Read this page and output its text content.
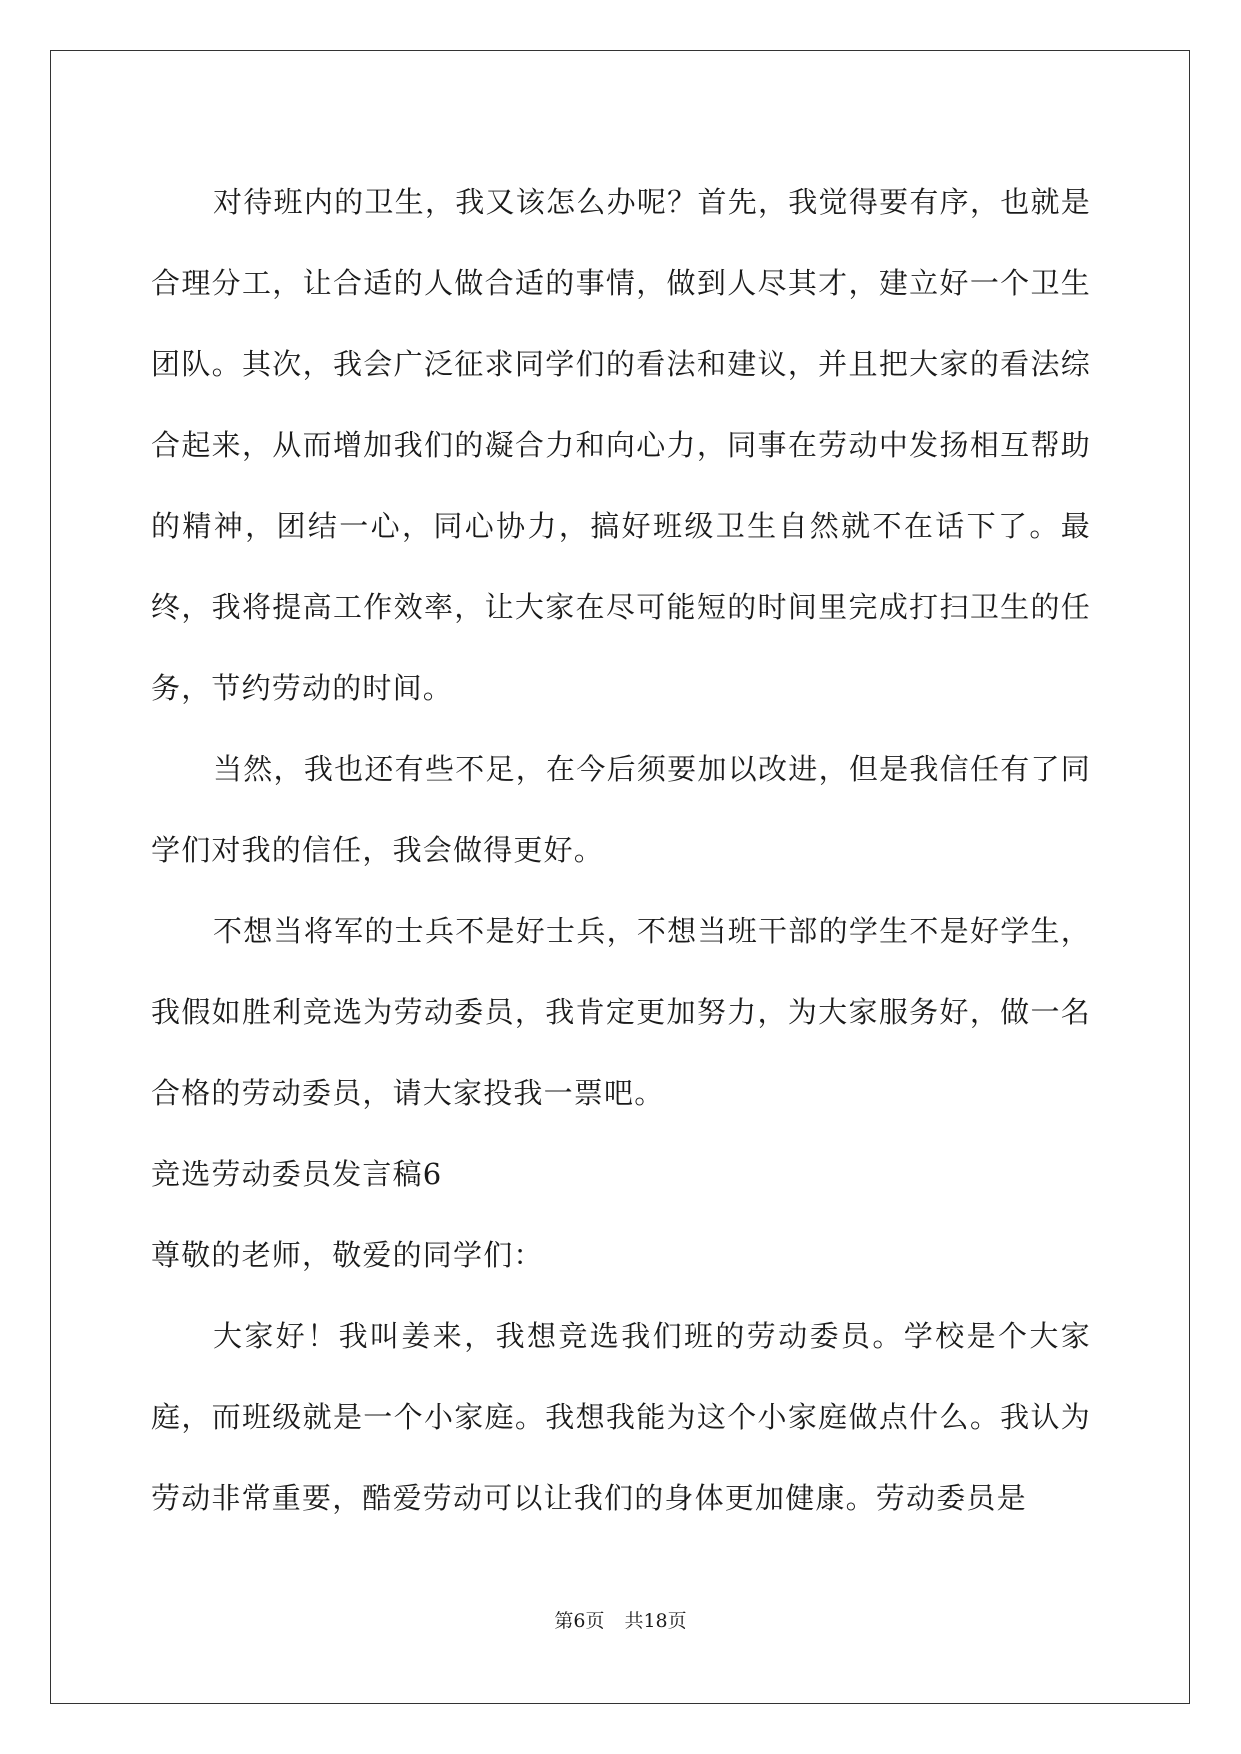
对待班内的卫生，我又该怎么办呢？首先，我觉得要有序，也就是合理分工，让合适的人做合适的事情，做到人尽其才，建立好一个卫生团队。其次，我会广泛征求同学们的看法和建议，并且把大家的看法综合起来，从而增加我们的凝合力和向心力，同事在劳动中发扬相互帮助的精神，团结一心，同心协力，搞好班级卫生自然就不在话下了。最终，我将提高工作效率，让大家在尽可能短的时间里完成打扫卫生的任务，节约劳动的时间。

当然，我也还有些不足，在今后须要加以改进，但是我信任有了同学们对我的信任，我会做得更好。

不想当将军的士兵不是好士兵，不想当班干部的学生不是好学生，我假如胜利竞选为劳动委员，我肯定更加努力，为大家服务好，做一名合格的劳动委员，请大家投我一票吧。

竞选劳动委员发言稿6

尊敬的老师，敬爱的同学们：

大家好！我叫姜来，我想竞选我们班的劳动委员。学校是个大家庭，而班级就是一个小家庭。我想我能为这个小家庭做点什么。我认为劳动非常重要，酷爱劳动可以让我们的身体更加健康。劳动委员是

第6页 共18页
